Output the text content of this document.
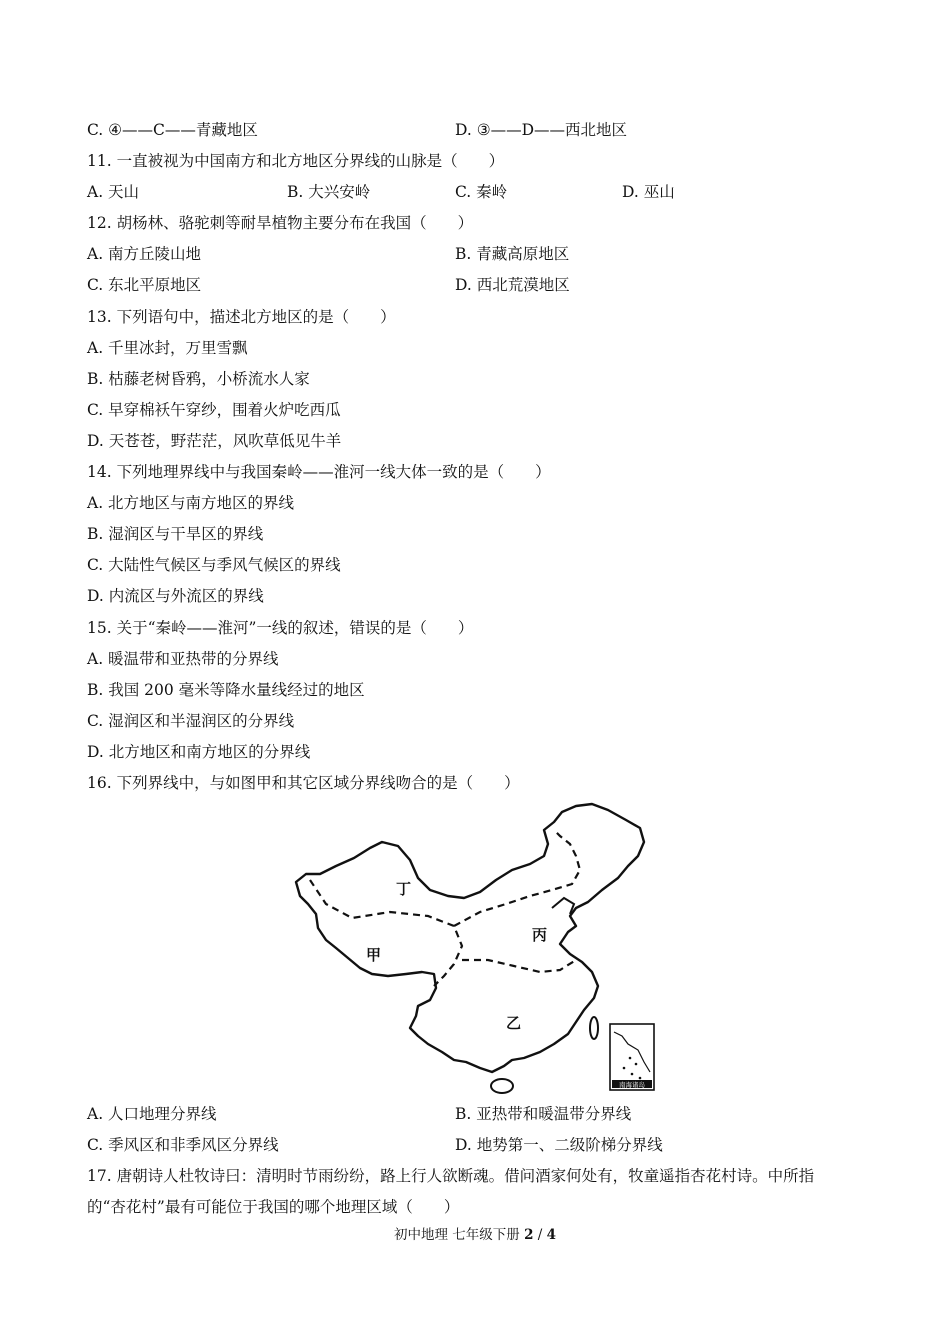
C. ④——C——青藏地区	D. ③——D——西北地区
11. 一直被视为中国南方和北方地区分界线的山脉是（　　）
A. 天山	B. 大兴安岭	C. 秦岭	D. 巫山
12. 胡杨林、骆驼刺等耐旱植物主要分布在我国（　　）
A. 南方丘陵山地	B. 青藏高原地区
C. 东北平原地区	D. 西北荒漠地区
13. 下列语句中，描述北方地区的是（　　）
A. 千里冰封，万里雪飘
B. 枯藤老树昏鸦，小桥流水人家
C. 早穿棉袄午穿纱，围着火炉吃西瓜
D. 天苍苍，野茫茫，风吹草低见牛羊
14. 下列地理界线中与我国秦岭——淮河一线大体一致的是（　　）
A. 北方地区与南方地区的界线
B. 湿润区与干旱区的界线
C. 大陆性气候区与季风气候区的界线
D. 内流区与外流区的界线
15. 关于“秦岭——淮河”一线的叙述，错误的是（　　）
A. 暖温带和亚热带的分界线
B. 我国 200 毫米等降水量线经过的地区
C. 湿润区和半湿润区的分界线
D. 北方地区和南方地区的分界线
16. 下列界线中，与如图甲和其它区域分界线吻合的是（　　）
南海诸岛
丁
甲
丙
乙
A. 人口地理分界线	B. 亚热带和暖温带分界线
C. 季风区和非季风区分界线	D. 地势第一、二级阶梯分界线
17. 唐朝诗人杜牧诗曰：清明时节雨纷纷，路上行人欲断魂。借问酒家何处有，牧童遥指杏花村诗。中所指
的“杏花村”最有可能位于我国的哪个地理区域（　　）
初中地理 七年级下册 2 / 4
